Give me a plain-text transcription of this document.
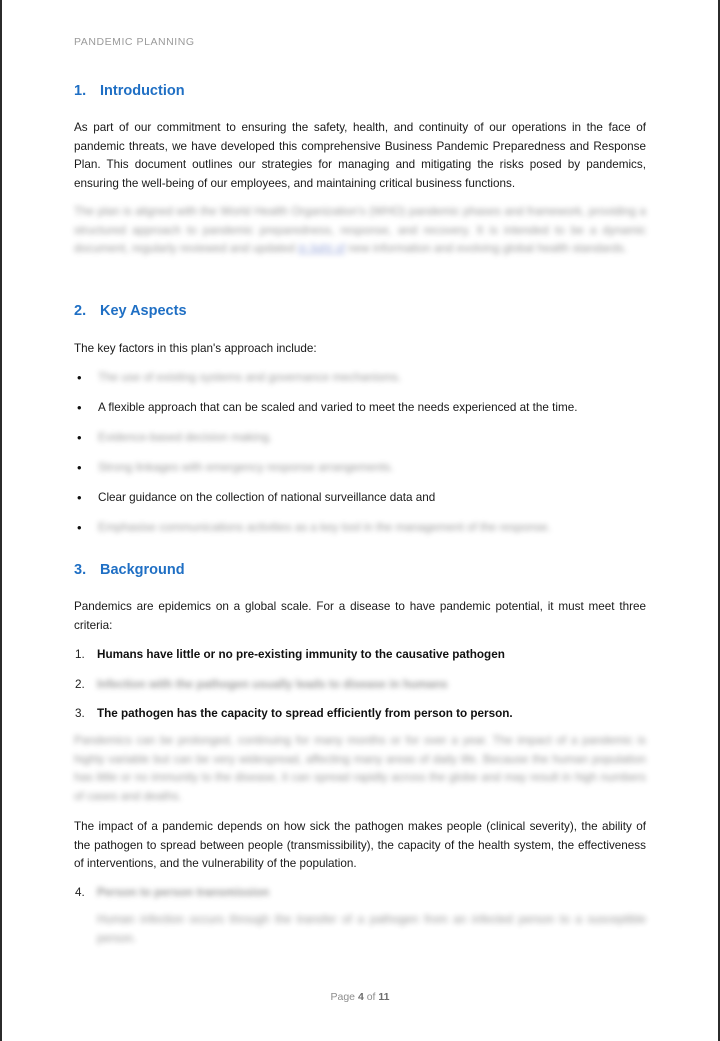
PANDEMIC PLANNING
1. Introduction
As part of our commitment to ensuring the safety, health, and continuity of our operations in the face of pandemic threats, we have developed this comprehensive Business Pandemic Preparedness and Response Plan. This document outlines our strategies for managing and mitigating the risks posed by pandemics, ensuring the well-being of our employees, and maintaining critical business functions.
The plan is aligned with the World Health Organization's (WHO) pandemic phases and framework, providing a structured approach to pandemic preparedness, response, and recovery. It is intended to be a dynamic document, regularly reviewed and updated in light of new information and evolving global health standards.
2. Key Aspects
The key factors in this plan's approach include:
• The use of existing systems and governance mechanisms.
• A flexible approach that can be scaled and varied to meet the needs experienced at the time.
• Evidence-based decision making.
• Strong linkages with emergency response arrangements.
• Clear guidance on the collection of national surveillance data and
• Emphasise communications activities as a key tool in the management of the response.
3. Background
Pandemics are epidemics on a global scale. For a disease to have pandemic potential, it must meet three criteria:
1. Humans have little or no pre-existing immunity to the causative pathogen
2. Infection with the pathogen usually leads to disease in humans
3. The pathogen has the capacity to spread efficiently from person to person.
Pandemics can be prolonged, continuing for many months or for over a year. The impact of a pandemic is highly variable but can be very widespread, affecting many areas of daily life. Because the human population has little or no immunity to the disease, it can spread rapidly across the globe and may result in high numbers of cases and deaths.
The impact of a pandemic depends on how sick the pathogen makes people (clinical severity), the ability of the pathogen to spread between people (transmissibility), the capacity of the health system, the effectiveness of interventions, and the vulnerability of the population.
4. Person to person transmission
Human infection occurs through the transfer of a pathogen from an infected person to a susceptible person.
Page 4 of 11
